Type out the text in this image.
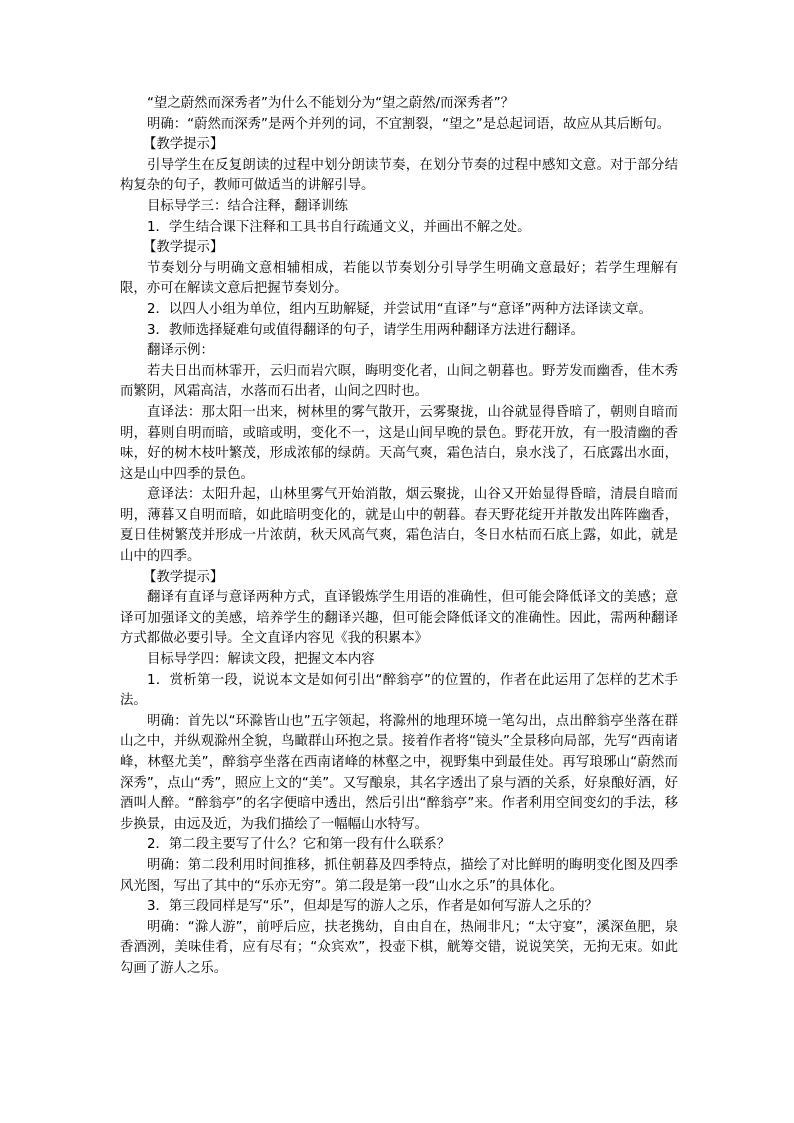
“望之蔚然而深秀者”为什么不能划分为“望之蔚然/而深秀者”？

明确：“蔚然而深秀”是两个并列的词，不宜割裂，“望之”是总起词语，故应从其后断句。

【教学提示】

引导学生在反复朗读的过程中划分朗读节奏，在划分节奏的过程中感知文意。对于部分结构复杂的句子，教师可做适当的讲解引导。

目标导学三：结合注释，翻译训练

1．学生结合课下注释和工具书自行疏通文义，并画出不解之处。

【教学提示】

节奏划分与明确文意相辅相成，若能以节奏划分引导学生明确文意最好；若学生理解有限，亦可在解读文意后把握节奏划分。

2．以四人小组为单位，组内互助解疑，并尝试用“直译”与“意译”两种方法译读文章。

3．教师选择疑难句或值得翻译的句子，请学生用两种翻译方法进行翻译。

翻译示例：

若夫日出而林霏开，云归而岩穴暝，晦明变化者，山间之朝暮也。野芳发而幽香，佳木秀而繁阴，风霜高洁，水落而石出者，山间之四时也。

直译法：那太阳一出来，树林里的雾气散开，云雾聚拢，山谷就显得昏暗了，朝则自暗而明，暮则自明而暗，或暗或明，变化不一，这是山间早晚的景色。野花开放，有一股清幽的香味，好的树木枝叶繁茂，形成浓郁的绿荫。天高气爽，霜色洁白，泉水浅了，石底露出水面，这是山中四季的景色。

意译法：太阳升起，山林里雾气开始消散，烟云聚拢，山谷又开始显得昏暗，清晨自暗而明，薄暮又自明而暗，如此暗明变化的，就是山中的朝暮。春天野花绽开并散发出阵阵幽香，夏日佳树繁茂并形成一片浓荫，秋天风高气爽，霜色洁白，冬日水枯而石底上露，如此，就是山中的四季。

【教学提示】

翻译有直译与意译两种方式，直译锻炼学生用语的准确性，但可能会降低译文的美感；意译可加强译文的美感，培养学生的翻译兴趣，但可能会降低译文的准确性。因此，需两种翻译方式都做必要引导。全文直译内容见《我的积累本》

目标导学四：解读文段，把握文本内容

1．赏析第一段，说说本文是如何引出“醉翁亭”的位置的，作者在此运用了怎样的艺术手法。

明确：首先以“环滁皆山也”五字领起，将滁州的地理环境一笔勾出，点出醉翁亭坐落在群山之中，并纵观滁州全貌，鸟瞰群山环抱之景。接着作者将“镜头”全景移向局部，先写“西南诸峰，林壑尤美”，醉翁亭坐落在西南诸峰的林壑之中，视野集中到最佳处。再写琅琊山“蔚然而深秀”，点山“秀”，照应上文的“美”。又写酿泉，其名字透出了泉与酒的关系，好泉酿好酒，好酒叫人醉。“醉翁亭”的名字便暗中透出，然后引出“醉翁亭”来。作者利用空间变幻的手法，移步换景，由远及近，为我们描绘了一幅幅山水特写。

2．第二段主要写了什么？它和第一段有什么联系？

明确：第二段利用时间推移，抓住朝暮及四季特点，描绘了对比鲜明的晦明变化图及四季风光图，写出了其中的“乐亦无穷”。第二段是第一段“山水之乐”的具体化。

3．第三段同样是写“乐”，但却是写的游人之乐，作者是如何写游人之乐的？

明确：“滁人游”，前呼后应，扶老携幼，自由自在，热闹非凡；“太守宴”，溪深鱼肥，泉香酒洌，美味佳肴，应有尽有；“众宾欢”，投壶下棋，觥筹交错，说说笑笑，无拘无束。如此勾画了游人之乐。
